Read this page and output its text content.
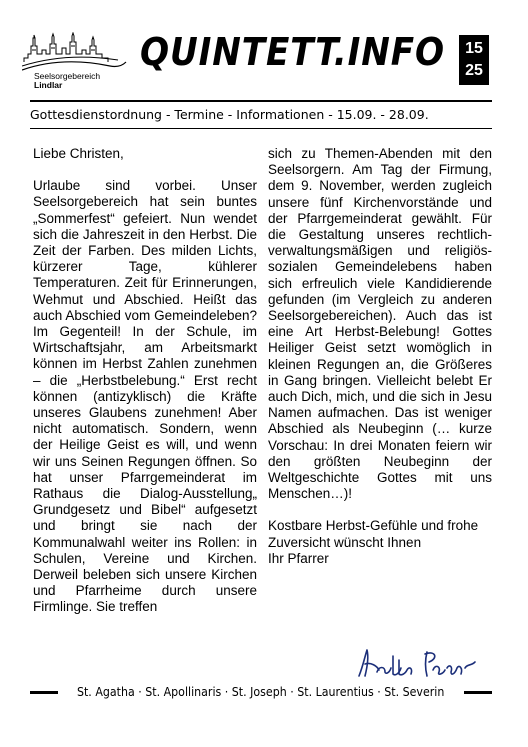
Seelsorgebereich
Lindlar
QUINTETT.INFO	15
25
Gottesdienstordnung - Termine - Informationen - 15.09. - 28.09.

Liebe Christen,

Urlaube sind vorbei. Unser Seelsorgebereich hat sein buntes „Sommerfest“ gefeiert. Nun wendet sich die Jahreszeit in den Herbst. Die Zeit der Farben. Des milden Lichts, kürzerer Tage, kühlerer Temperaturen. Zeit für Erinnerungen, Wehmut und Abschied. Heißt das auch Abschied vom Gemeindeleben? Im Gegenteil! In der Schule, im Wirtschaftsjahr, am Arbeitsmarkt können im Herbst Zahlen zunehmen – die „Herbstbelebung.“ Erst recht können (antizyklisch) die Kräfte unseres Glaubens zunehmen! Aber nicht automatisch. Sondern, wenn der Heilige Geist es will, und wenn wir uns Seinen Regungen öffnen. So hat unser Pfarrgemeinderat im Rathaus die Dialog-Ausstellung„ Grundgesetz und Bibel“ aufgesetzt und bringt sie nach der Kommunalwahl weiter ins Rollen: in Schulen, Vereine und Kirchen. Derweil beleben sich unsere Kirchen und Pfarrheime durch unsere Firmlinge. Sie treffen

sich zu Themen-Abenden mit den Seelsorgern. Am Tag der Firmung, dem 9. November, werden zugleich unsere fünf Kirchenvorstände und der Pfarrgemeinderat gewählt. Für die Gestaltung unseres rechtlich-verwaltungsmäßigen und religiös-sozialen Gemeindelebens haben sich erfreulich viele Kandidierende gefunden (im Vergleich zu anderen Seelsorgebereichen). Auch das ist eine Art Herbst-Belebung! Gottes Heiliger Geist setzt womöglich in kleinen Regungen an, die Größeres in Gang bringen. Vielleicht belebt Er auch Dich, mich, und die sich in Jesu Namen aufmachen. Das ist weniger Abschied als Neubeginn (… kurze Vorschau: In drei Monaten feiern wir den größten Neubeginn der Weltgeschichte Gottes mit uns Menschen…)!

Kostbare Herbst-Gefühle und frohe Zuversicht wünscht Ihnen

Ihr Pfarrer

St. Agatha · St. Apollinaris · St. Joseph · St. Laurentius · St. Severin
